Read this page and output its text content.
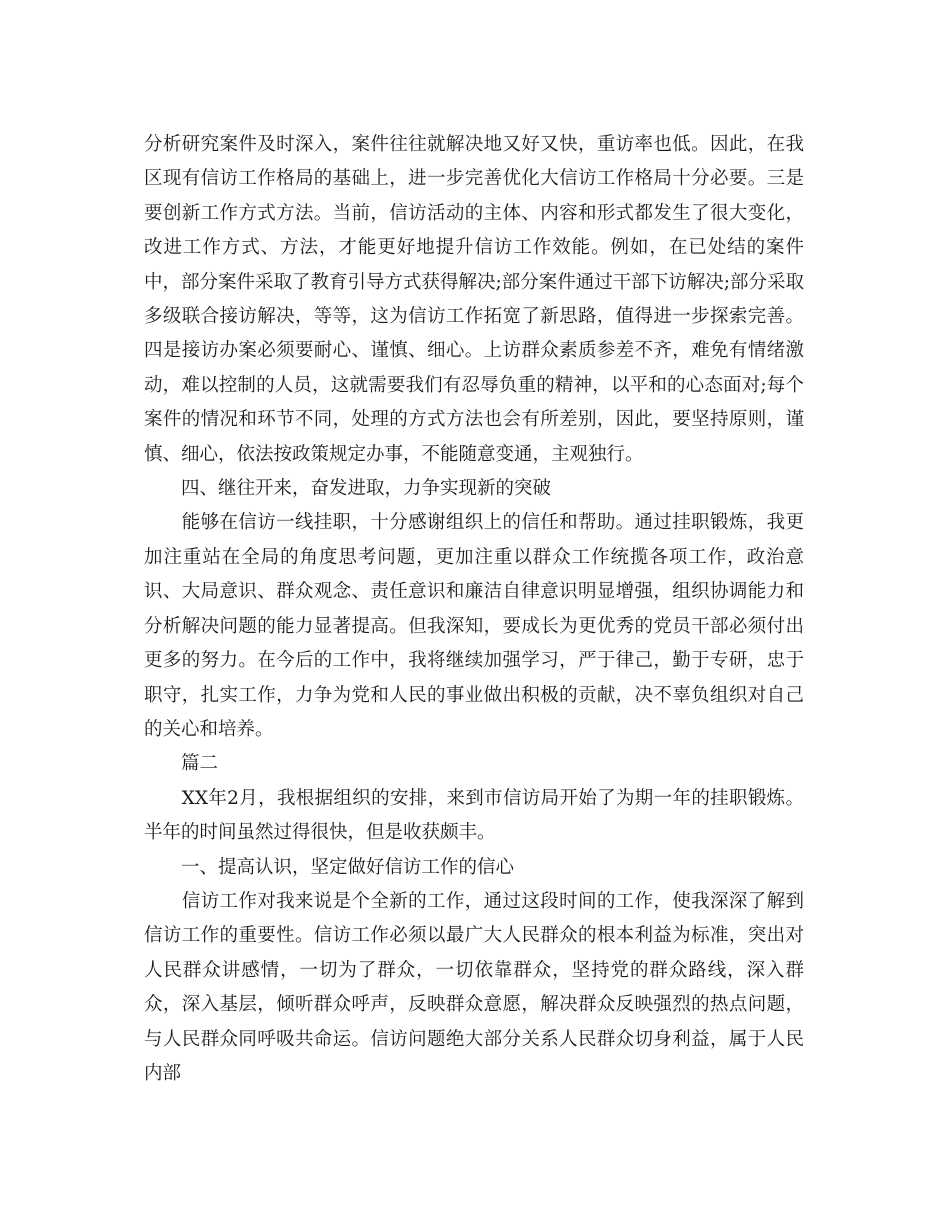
分析研究案件及时深入，案件往往就解决地又好又快，重访率也低。因此，在我区现有信访工作格局的基础上，进一步完善优化大信访工作格局十分必要。三是要创新工作方式方法。当前，信访活动的主体、内容和形式都发生了很大变化，改进工作方式、方法，才能更好地提升信访工作效能。例如，在已处结的案件中，部分案件采取了教育引导方式获得解决;部分案件通过干部下访解决;部分采取多级联合接访解决，等等，这为信访工作拓宽了新思路，值得进一步探索完善。四是接访办案必须要耐心、谨慎、细心。上访群众素质参差不齐，难免有情绪激动，难以控制的人员，这就需要我们有忍辱负重的精神，以平和的心态面对;每个案件的情况和环节不同，处理的方式方法也会有所差别，因此，要坚持原则，谨慎、细心，依法按政策规定办事，不能随意变通，主观独行。

　　四、继往开来，奋发进取，力争实现新的突破

　　能够在信访一线挂职，十分感谢组织上的信任和帮助。通过挂职锻炼，我更加注重站在全局的角度思考问题，更加注重以群众工作统揽各项工作，政治意识、大局意识、群众观念、责任意识和廉洁自律意识明显增强，组织协调能力和分析解决问题的能力显著提高。但我深知，要成长为更优秀的党员干部必须付出更多的努力。在今后的工作中，我将继续加强学习，严于律己，勤于专研，忠于职守，扎实工作，力争为党和人民的事业做出积极的贡献，决不辜负组织对自己的关心和培养。

　　篇二

　　XX年2月，我根据组织的安排，来到市信访局开始了为期一年的挂职锻炼。半年的时间虽然过得很快，但是收获颇丰。

　　一、提高认识，坚定做好信访工作的信心

　　信访工作对我来说是个全新的工作，通过这段时间的工作，使我深深了解到信访工作的重要性。信访工作必须以最广大人民群众的根本利益为标准，突出对人民群众讲感情，一切为了群众，一切依靠群众，坚持党的群众路线，深入群众，深入基层，倾听群众呼声，反映群众意愿，解决群众反映强烈的热点问题，与人民群众同呼吸共命运。信访问题绝大部分关系人民群众切身利益，属于人民内部
